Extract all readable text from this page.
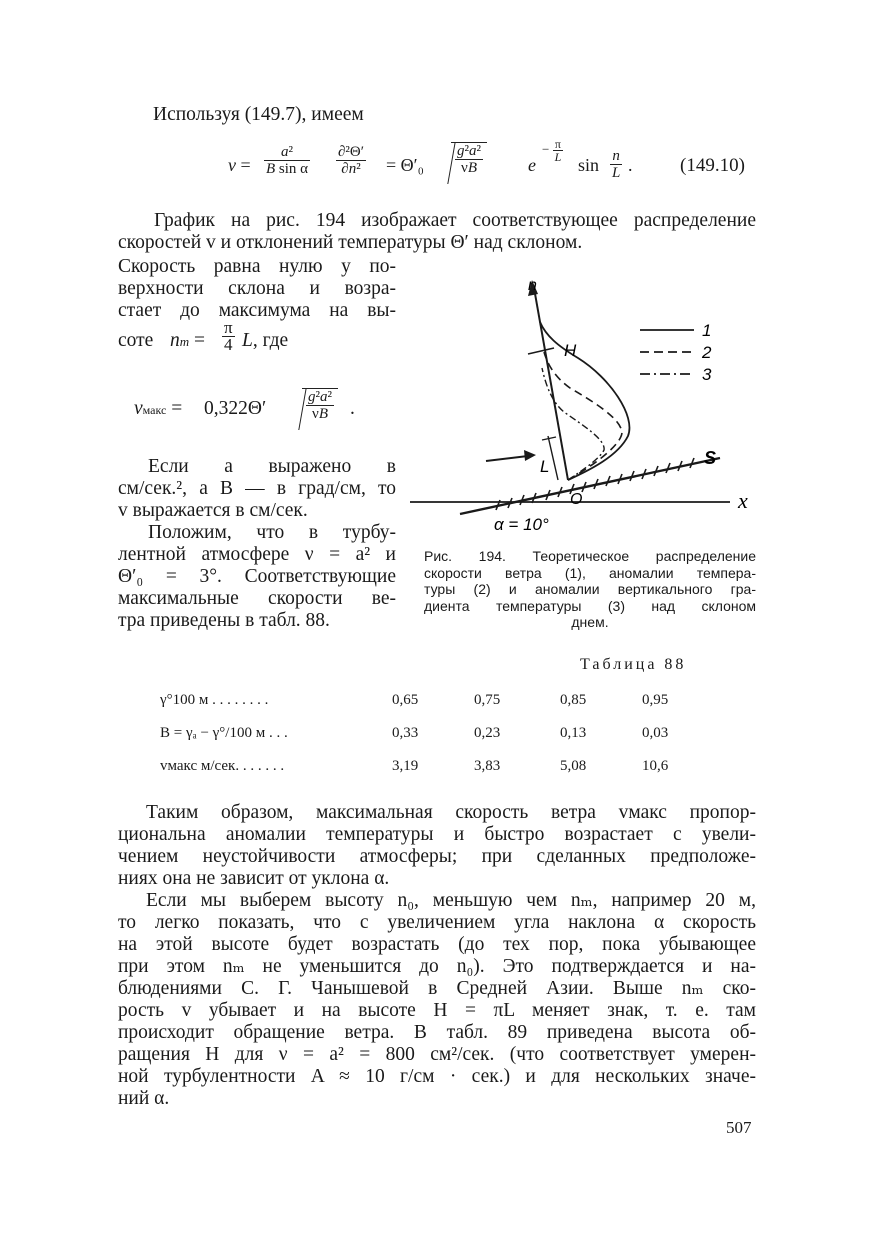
Используя (149.7), имеем
$v = \frac{\text{a²}}{\text{B sin α}} \frac{\text{∂²Θ′}}{\text{∂n²}} = \Theta'_0 \frac{\text{g²a²}}{\nu B}$	e
− $\frac{\pi}{L}$
$\sin \frac{n}{L}$ .	(149.10)
График на рис. 194 изображает соответствующее распределение скоростей v и отклонений температуры Θ′ над склоном.
Скорость равна нулю у по-
верхности склона и возра-
стает до максимума на вы-
соте nm = $\frac{\pi}{4} L$, где
vмакс = 0,322Θ′	$\frac{\text{g²a²}}{\nu B}$ .
Если a выражено в
см/сек.², а B — в град/см, то
v выражается в см/сек.
Положим, что в турбу-
лентной атмосфере ν = a² и
Θ′₀ = 3°. Соответствующие
максимальные скорости ве-
тра приведены в табл. 88.
n
x
S
O
H
L
α = 10°
1
2
3
Рис. 194. Теоретическое распределение
скорости ветра (1), аномалии темпера-
туры (2) и аномалии вертикального гра-
диента температуры (3) над склоном
днем.
Таблица 88
γ°100 м . . . . . . . .	0,65	0,75	0,85	0,95
B = γₐ − γ°/100 м . . .	0,33	0,23	0,13	0,03
vмакс м/сек. . . . . . .	3,19	3,83	5,08	10,6
Таким образом, максимальная скорость ветра vмакс пропор-
циональна аномалии температуры и быстро возрастает с увели-
чением неустойчивости атмосферы; при сделанных предположе-
ниях она не зависит от уклона α.
Если мы выберем высоту n₀, меньшую чем nₘ, например 20 м,
то легко показать, что с увеличением угла наклона α скорость
на этой высоте будет возрастать (до тех пор, пока убывающее
при этом nₘ не уменьшится до n₀). Это подтверждается и на-
блюдениями С. Г. Чанышевой в Средней Азии. Выше nₘ ско-
рость v убывает и на высоте H = πL меняет знак, т. е. там
происходит обращение ветра. В табл. 89 приведена высота об-
ращения H для ν = a² = 800 см²/сек. (что соответствует умерен-
ной турбулентности A ≈ 10 г/см · сек.) и для нескольких значе-
ний α.
507
